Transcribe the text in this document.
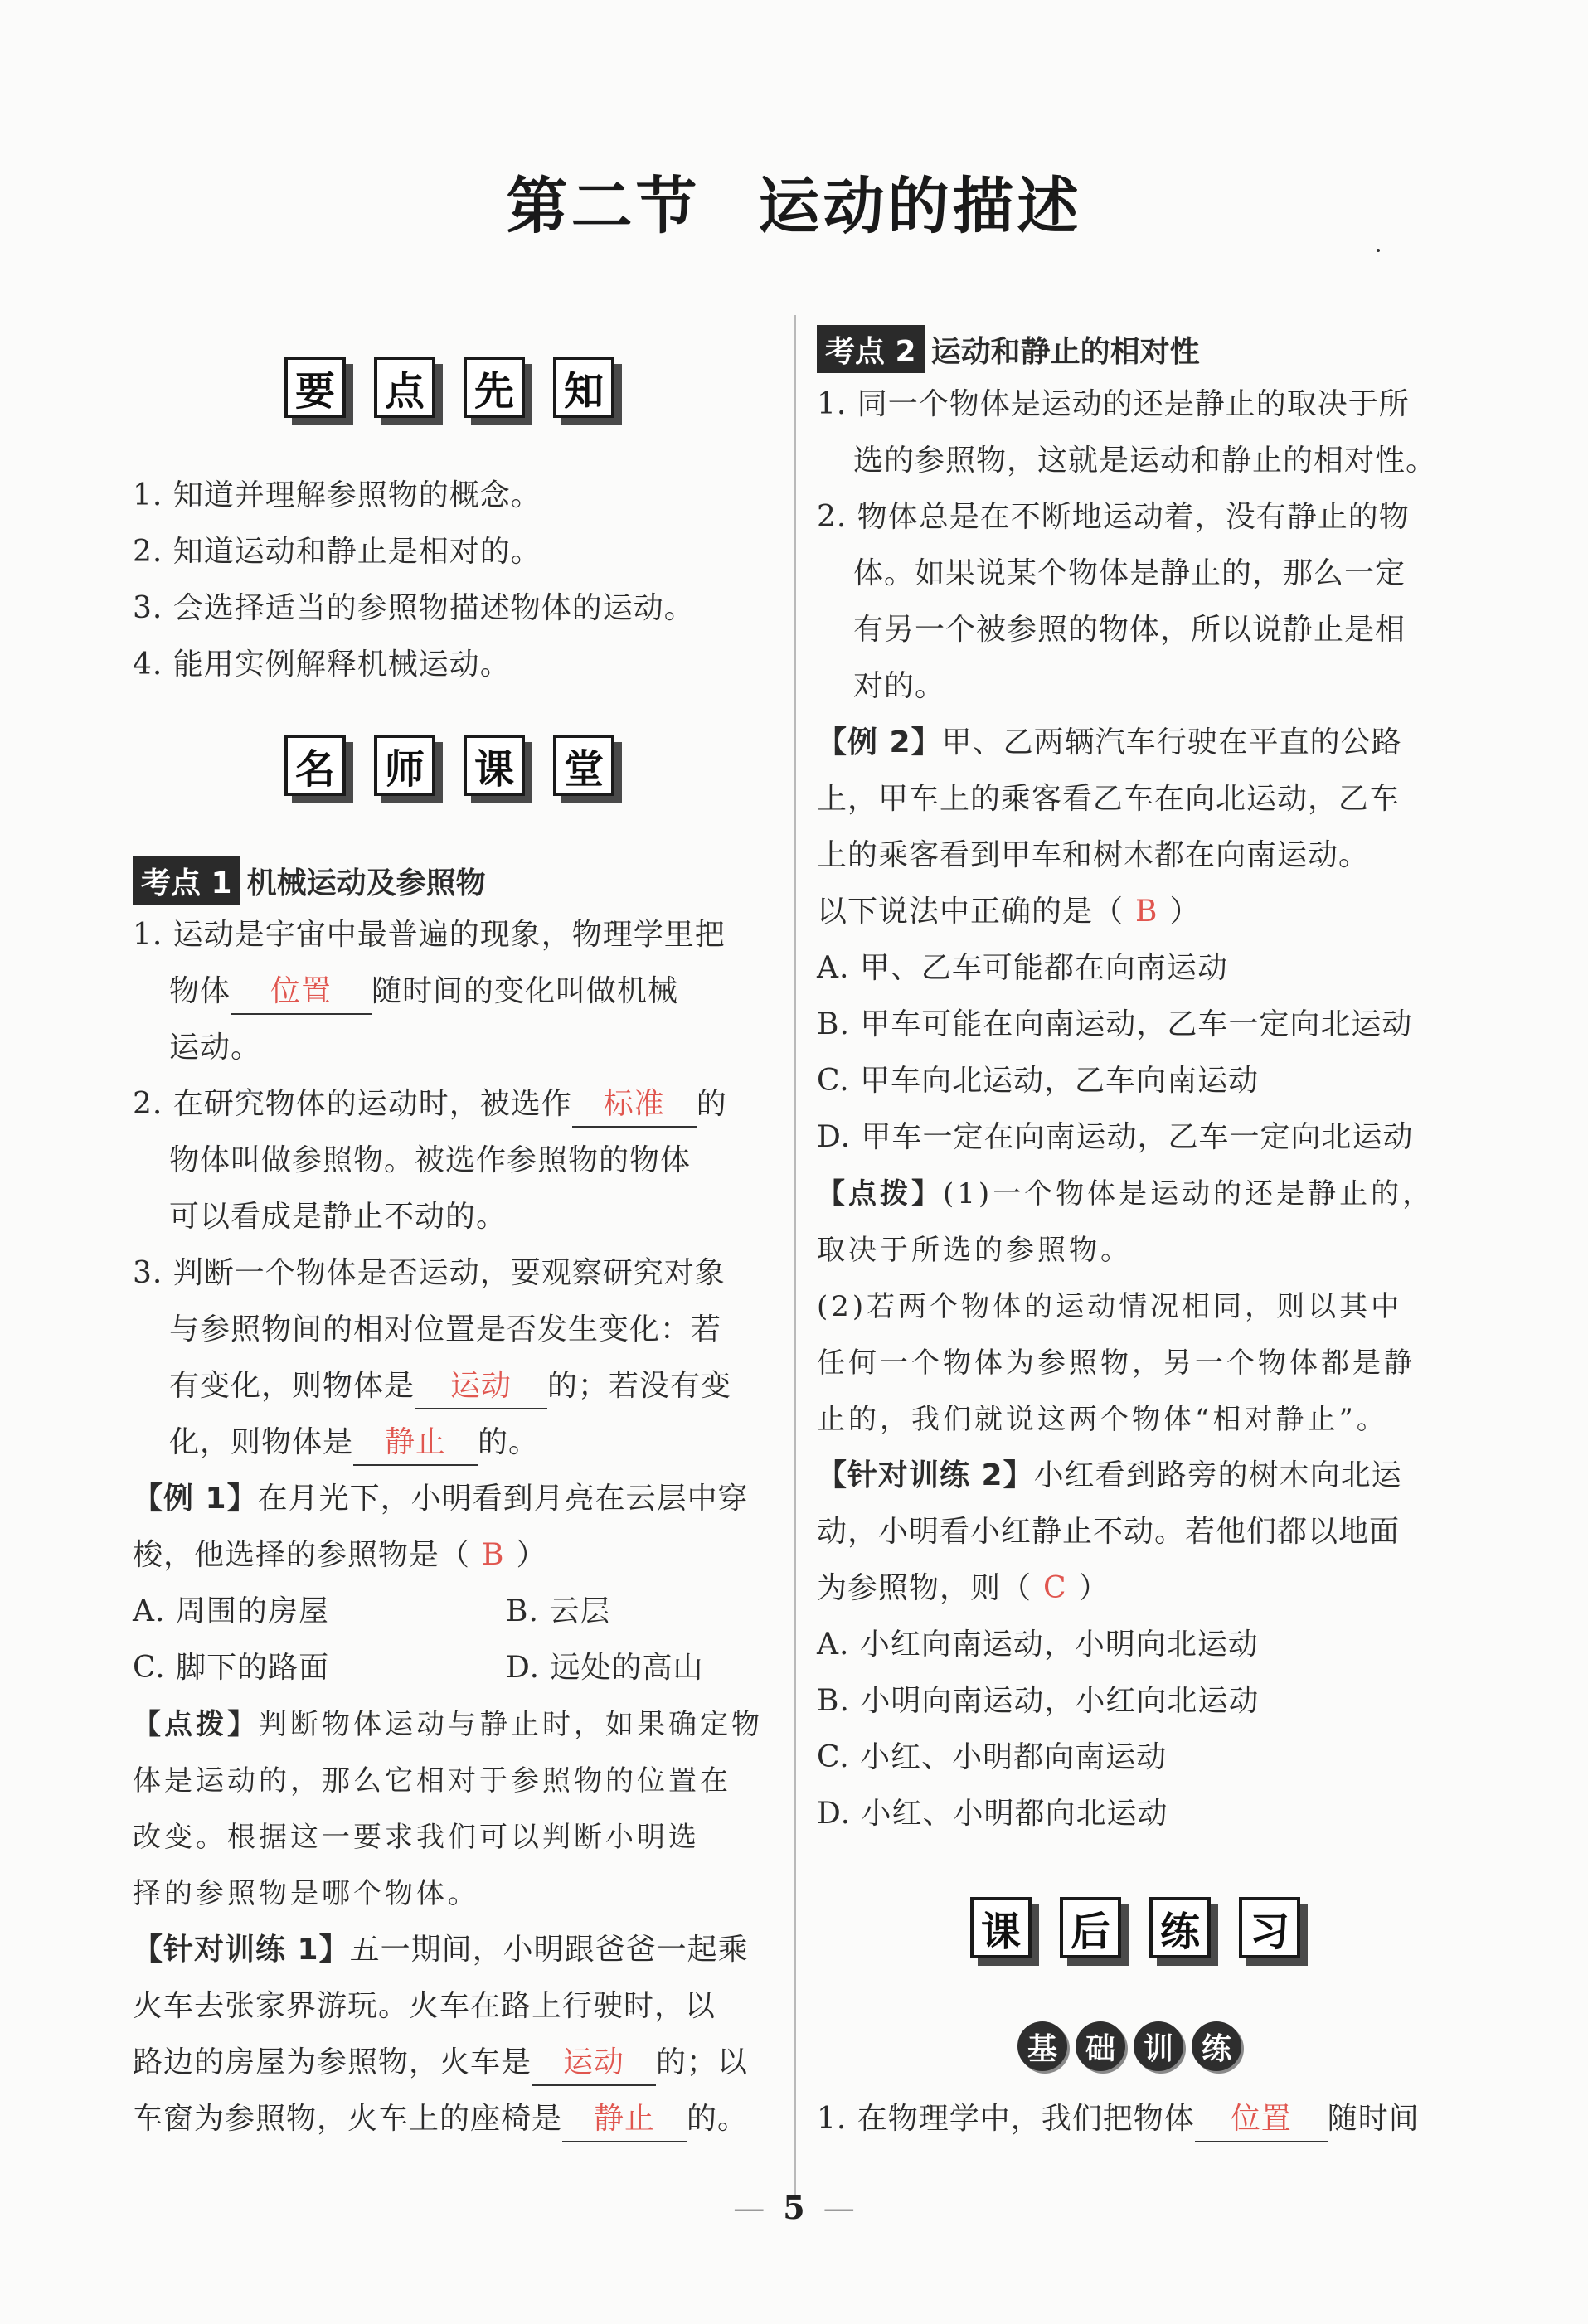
第二节 运动的描述
要 点 先 知
1. 知道并理解参照物的概念。
2. 知道运动和静止是相对的。
3. 会选择适当的参照物描述物体的运动。
4. 能用实例解释机械运动。
名 师 课 堂
考点 1 机械运动及参照物
1. 运动是宇宙中最普遍的现象，物理学里把
物体 位置 随时间的变化叫做机械
运动。
2. 在研究物体的运动时，被选作 标准 的
物体叫做参照物。被选作参照物的物体
可以看成是静止不动的。
3. 判断一个物体是否运动，要观察研究对象
与参照物间的相对位置是否发生变化：若
有变化，则物体是 运动 的；若没有变
化，则物体是 静止 的。
【例 1】在月光下，小明看到月亮在云层中穿
梭，他选择的参照物是（ B ）
A. 周围的房屋	B. 云层
C. 脚下的路面	D. 远处的高山
【点拨】判断物体运动与静止时，如果确定物
体是运动的，那么它相对于参照物的位置在
改变。根据这一要求我们可以判断小明选
择的参照物是哪个物体。
【针对训练 1】五一期间，小明跟爸爸一起乘
火车去张家界游玩。火车在路上行驶时，以
路边的房屋为参照物，火车是 运动 的；以
车窗为参照物，火车上的座椅是 静止 的。
考点 2 运动和静止的相对性
1. 同一个物体是运动的还是静止的取决于所
选的参照物，这就是运动和静止的相对性。
2. 物体总是在不断地运动着，没有静止的物
体。如果说某个物体是静止的，那么一定
有另一个被参照的物体，所以说静止是相
对的。
【例 2】甲、乙两辆汽车行驶在平直的公路
上，甲车上的乘客看乙车在向北运动，乙车
上的乘客看到甲车和树木都在向南运动。
以下说法中正确的是（ B ）
A. 甲、乙车可能都在向南运动
B. 甲车可能在向南运动，乙车一定向北运动
C. 甲车向北运动，乙车向南运动
D. 甲车一定在向南运动，乙车一定向北运动
【点拨】(1)一个物体是运动的还是静止的，
取决于所选的参照物。
(2)若两个物体的运动情况相同，则以其中
任何一个物体为参照物，另一个物体都是静
止的，我们就说这两个物体“相对静止”。
【针对训练 2】小红看到路旁的树木向北运
动，小明看小红静止不动。若他们都以地面
为参照物，则（ C ）
A. 小红向南运动，小明向北运动
B. 小明向南运动，小红向北运动
C. 小红、小明都向南运动
D. 小红、小明都向北运动
课 后 练 习
基 础 训 练
1. 在物理学中，我们把物体 位置 随时间
— 5 —
